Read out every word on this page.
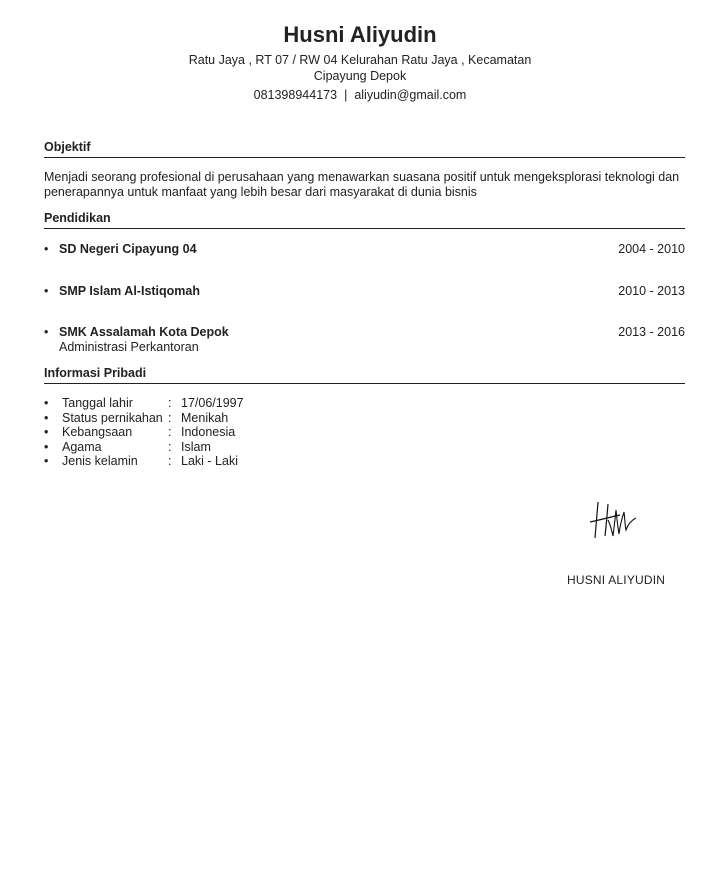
Husni Aliyudin
Ratu Jaya , RT 07 / RW 04 Kelurahan Ratu Jaya , Kecamatan Cipayung Depok
081398944173 | aliyudin@gmail.com
Objektif
Menjadi seorang profesional di perusahaan yang menawarkan suasana positif untuk mengeksplorasi teknologi dan penerapannya untuk manfaat yang lebih besar dari masyarakat di dunia bisnis
Pendidikan
• SD Negeri Cipayung 04	2004 - 2010
• SMP Islam Al-Istiqomah	2010 - 2013
• SMK Assalamah Kota Depok	2013 - 2016
Administrasi Perkantoran
Informasi Pribadi
• Tanggal lahir	: 17/06/1997
• Status pernikahan : Menikah
• Kebangsaan	: Indonesia
• Agama	: Islam
• Jenis kelamin : Laki - Laki
HUSNI ALIYUDIN
